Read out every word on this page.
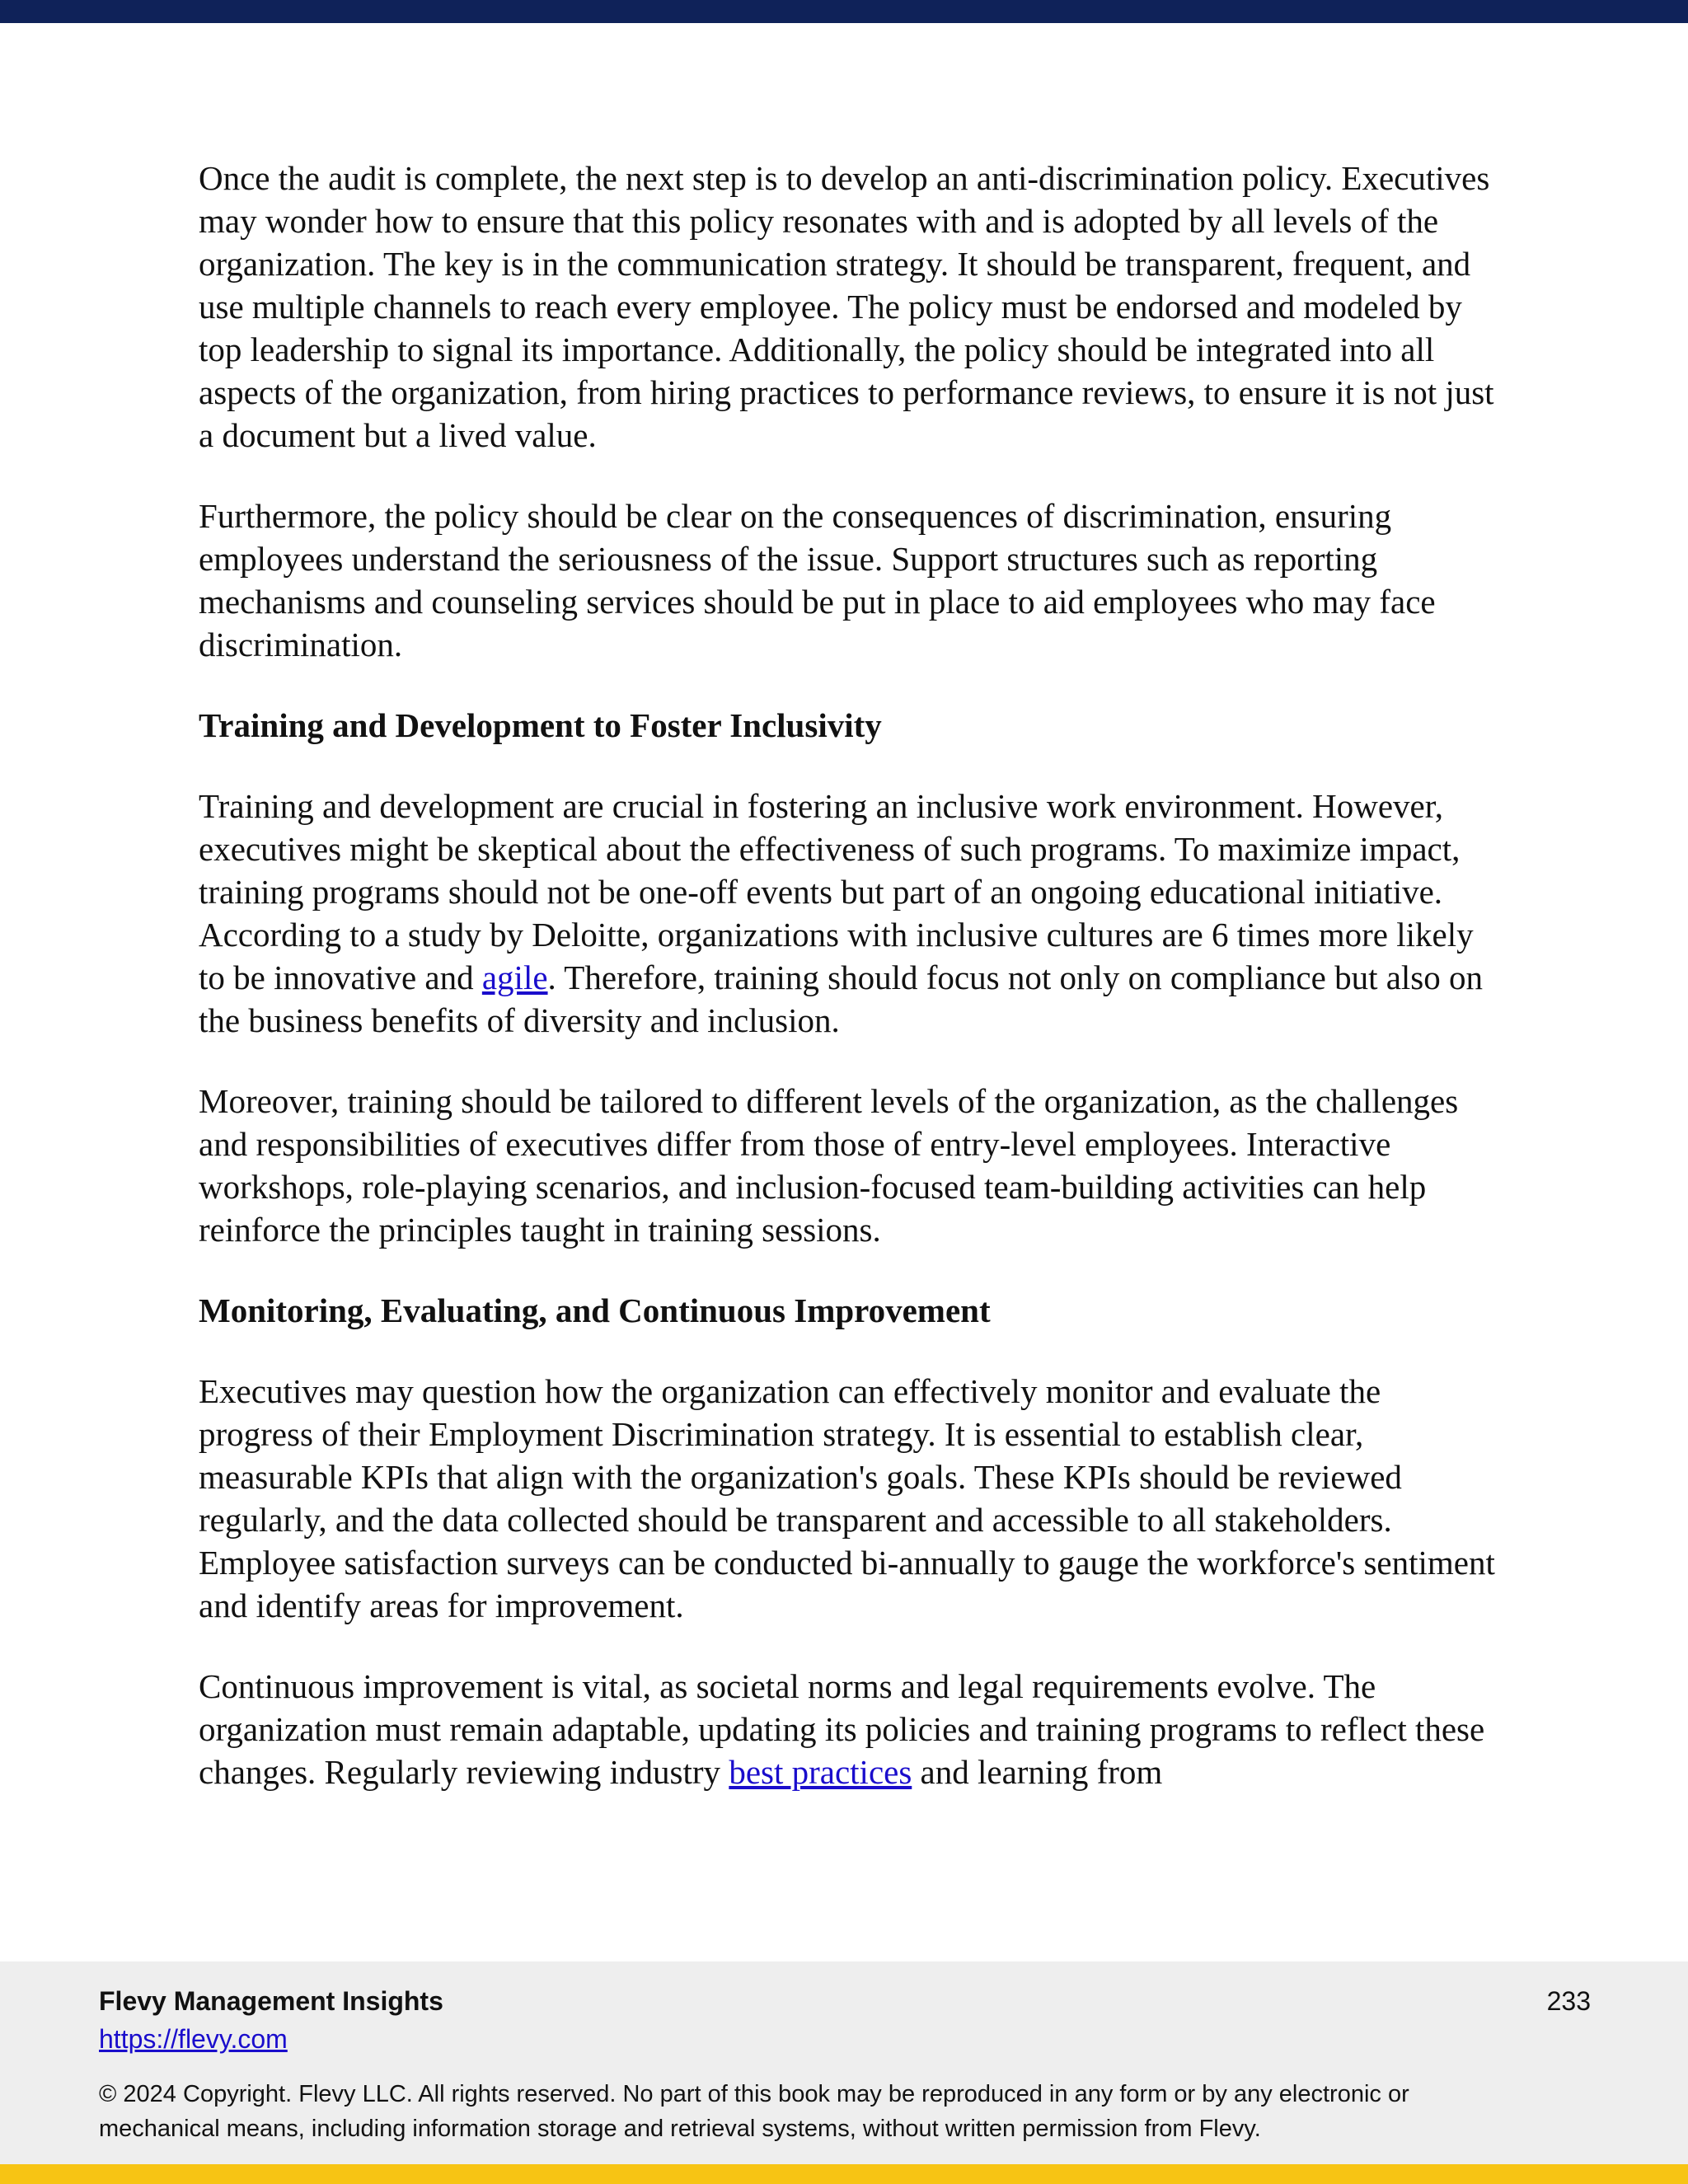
Once the audit is complete, the next step is to develop an anti-discrimination policy. Executives may wonder how to ensure that this policy resonates with and is adopted by all levels of the organization. The key is in the communication strategy. It should be transparent, frequent, and use multiple channels to reach every employee. The policy must be endorsed and modeled by top leadership to signal its importance. Additionally, the policy should be integrated into all aspects of the organization, from hiring practices to performance reviews, to ensure it is not just a document but a lived value.

Furthermore, the policy should be clear on the consequences of discrimination, ensuring employees understand the seriousness of the issue. Support structures such as reporting mechanisms and counseling services should be put in place to aid employees who may face discrimination.

Training and Development to Foster Inclusivity

Training and development are crucial in fostering an inclusive work environment. However, executives might be skeptical about the effectiveness of such programs. To maximize impact, training programs should not be one-off events but part of an ongoing educational initiative. According to a study by Deloitte, organizations with inclusive cultures are 6 times more likely to be innovative and agile. Therefore, training should focus not only on compliance but also on the business benefits of diversity and inclusion.

Moreover, training should be tailored to different levels of the organization, as the challenges and responsibilities of executives differ from those of entry-level employees. Interactive workshops, role-playing scenarios, and inclusion-focused team-building activities can help reinforce the principles taught in training sessions.

Monitoring, Evaluating, and Continuous Improvement

Executives may question how the organization can effectively monitor and evaluate the progress of their Employment Discrimination strategy. It is essential to establish clear, measurable KPIs that align with the organization's goals. These KPIs should be reviewed regularly, and the data collected should be transparent and accessible to all stakeholders. Employee satisfaction surveys can be conducted bi-annually to gauge the workforce's sentiment and identify areas for improvement.

Continuous improvement is vital, as societal norms and legal requirements evolve. The organization must remain adaptable, updating its policies and training programs to reflect these changes. Regularly reviewing industry best practices and learning from

Flevy Management Insights
https://flevy.com
233
© 2024 Copyright. Flevy LLC. All rights reserved. No part of this book may be reproduced in any form or by any electronic or mechanical means, including information storage and retrieval systems, without written permission from Flevy.
